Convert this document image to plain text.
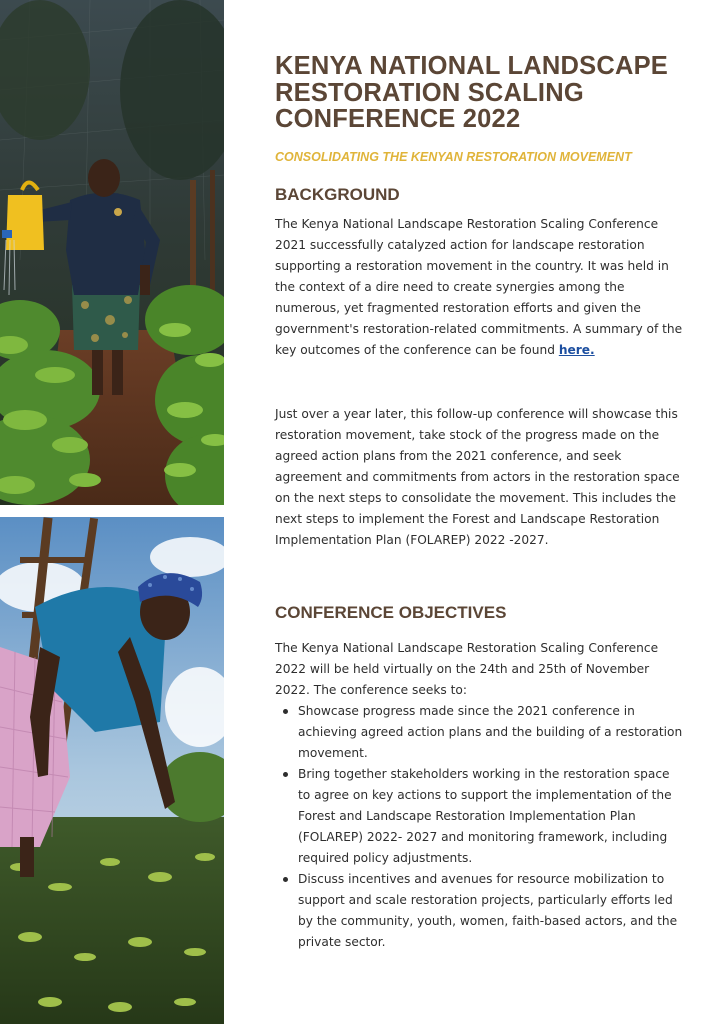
KENYA NATIONAL LANDSCAPE RESTORATION SCALING CONFERENCE 2022
CONSOLIDATING THE KENYAN RESTORATION MOVEMENT
BACKGROUND

The Kenya National Landscape Restoration Scaling Conference 2021 successfully catalyzed action for landscape restoration supporting a restoration movement in the country. It was held in the context of a dire need to create synergies among the numerous, yet fragmented restoration efforts and given the government's restoration-related commitments. A summary of the key outcomes of the conference can be found here.

Just over a year later, this follow-up conference will showcase this restoration movement, take stock of the progress made on the agreed action plans from the 2021 conference, and seek agreement and commitments from actors in the restoration space on the next steps to consolidate the movement. This includes the next steps to implement the Forest and Landscape Restoration Implementation Plan (FOLAREP) 2022 -2027.

CONFERENCE OBJECTIVES

The Kenya National Landscape Restoration Scaling Conference 2022 will be held virtually on the 24th and 25th of November 2022. The conference seeks to:

Showcase progress made since the 2021 conference in achieving agreed action plans and the building of a restoration movement.
Bring together stakeholders working in the restoration space to agree on key actions to support the implementation of the Forest and Landscape Restoration Implementation Plan (FOLAREP) 2022- 2027 and monitoring framework, including required policy adjustments.
Discuss incentives and avenues for resource mobilization to support and scale restoration projects, particularly efforts led by the community, youth, women, faith-based actors, and the private sector.
